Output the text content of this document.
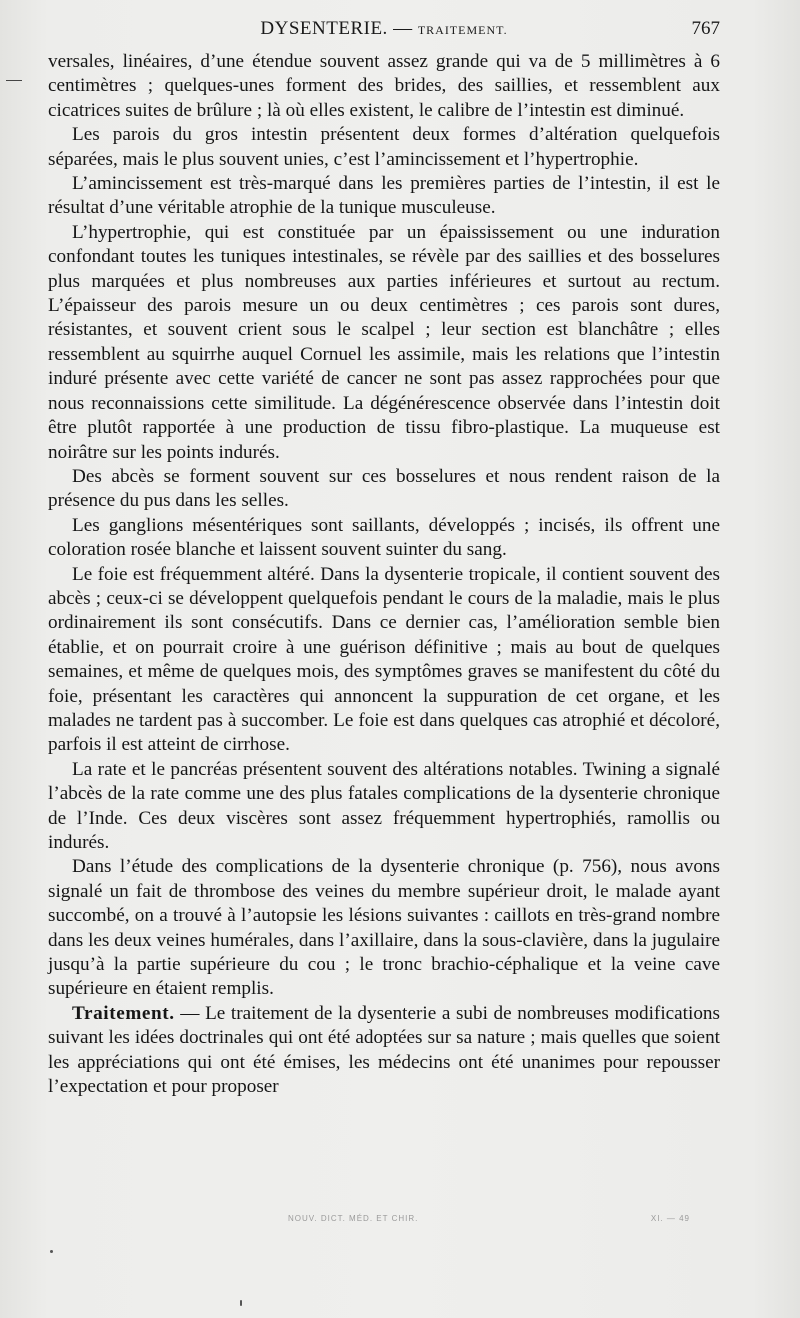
DYSENTERIE. — TRAITEMENT.	767

versales, linéaires, d’une étendue souvent assez grande qui va de 5 millimètres à 6 centimètres ; quelques-unes forment des brides, des saillies, et ressemblent aux cicatrices suites de brûlure ; là où elles existent, le calibre de l’intestin est diminué.

Les parois du gros intestin présentent deux formes d’altération quelquefois séparées, mais le plus souvent unies, c’est l’amincissement et l’hypertrophie.

L’amincissement est très-marqué dans les premières parties de l’intestin, il est le résultat d’une véritable atrophie de la tunique musculeuse.

L’hypertrophie, qui est constituée par un épaississement ou une induration confondant toutes les tuniques intestinales, se révèle par des saillies et des bosselures plus marquées et plus nombreuses aux parties inférieures et surtout au rectum. L’épaisseur des parois mesure un ou deux centimètres ; ces parois sont dures, résistantes, et souvent crient sous le scalpel ; leur section est blanchâtre ; elles ressemblent au squirrhe auquel Cornuel les assimile, mais les relations que l’intestin induré présente avec cette variété de cancer ne sont pas assez rapprochées pour que nous reconnaissions cette similitude. La dégénérescence observée dans l’intestin doit être plutôt rapportée à une production de tissu fibro-plastique. La muqueuse est noirâtre sur les points indurés.

Des abcès se forment souvent sur ces bosselures et nous rendent raison de la présence du pus dans les selles.

Les ganglions mésentériques sont saillants, développés ; incisés, ils offrent une coloration rosée blanche et laissent souvent suinter du sang.

Le foie est fréquemment altéré. Dans la dysenterie tropicale, il contient souvent des abcès ; ceux-ci se développent quelquefois pendant le cours de la maladie, mais le plus ordinairement ils sont consécutifs. Dans ce dernier cas, l’amélioration semble bien établie, et on pourrait croire à une guérison définitive ; mais au bout de quelques semaines, et même de quelques mois, des symptômes graves se manifestent du côté du foie, présentant les caractères qui annoncent la suppuration de cet organe, et les malades ne tardent pas à succomber. Le foie est dans quelques cas atrophié et décoloré, parfois il est atteint de cirrhose.

La rate et le pancréas présentent souvent des altérations notables. Twining a signalé l’abcès de la rate comme une des plus fatales complications de la dysenterie chronique de l’Inde. Ces deux viscères sont assez fréquemment hypertrophiés, ramollis ou indurés.

Dans l’étude des complications de la dysenterie chronique (p. 756), nous avons signalé un fait de thrombose des veines du membre supérieur droit, le malade ayant succombé, on a trouvé à l’autopsie les lésions suivantes : caillots en très-grand nombre dans les deux veines humérales, dans l’axillaire, dans la sous-clavière, dans la jugulaire jusqu’à la partie supérieure du cou ; le tronc brachio-céphalique et la veine cave supérieure en étaient remplis.

Traitement. — Le traitement de la dysenterie a subi de nombreuses modifications suivant les idées doctrinales qui ont été adoptées sur sa nature ; mais quelles que soient les appréciations qui ont été émises, les médecins ont été unanimes pour repousser l’expectation et pour proposer

NOUV. DICT. MÉD. ET CHIR.	XI. — 49
